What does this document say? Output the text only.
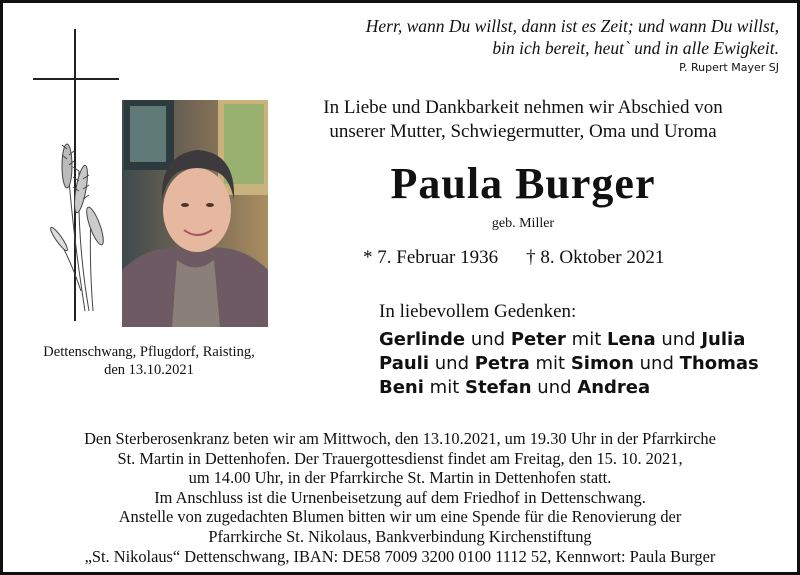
Herr, wann Du willst, dann ist es Zeit; und wann Du willst,
bin ich bereit, heut` und in alle Ewigkeit.
P. Rupert Mayer SJ
In Liebe und Dankbarkeit nehmen wir Abschied von
unserer Mutter, Schwiegermutter, Oma und Uroma
Paula Burger
geb. Miller
* 7. Februar 1936 † 8. Oktober 2021
In liebevollem Gedenken:
Gerlinde und Peter mit Lena und Julia
Pauli und Petra mit Simon und Thomas
Beni mit Stefan und Andrea
Dettenschwang, Pflugdorf, Raisting,
den 13.10.2021
Den Sterberosenkranz beten wir am Mittwoch, den 13.10.2021, um 19.30 Uhr in der Pfarrkirche
St. Martin in Dettenhofen. Der Trauergottesdienst findet am Freitag, den 15. 10. 2021,
um 14.00 Uhr, in der Pfarrkirche St. Martin in Dettenhofen statt.
Im Anschluss ist die Urnenbeisetzung auf dem Friedhof in Dettenschwang.
Anstelle von zugedachten Blumen bitten wir um eine Spende für die Renovierung der
Pfarrkirche St. Nikolaus, Bankverbindung Kirchenstiftung
„St. Nikolaus“ Dettenschwang, IBAN: DE58 7009 3200 0100 1112 52, Kennwort: Paula Burger
